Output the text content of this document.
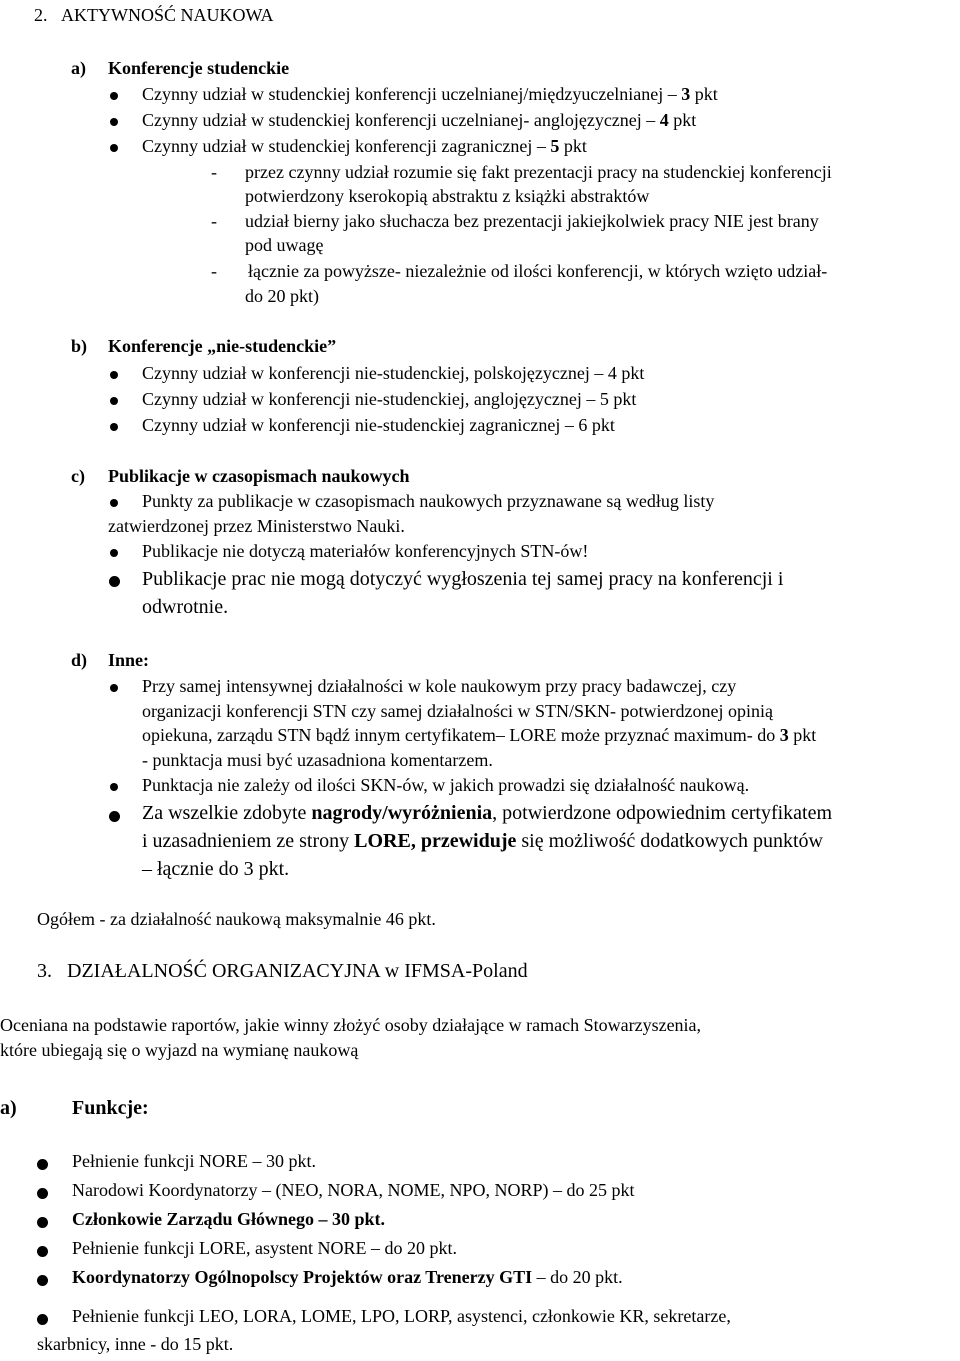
2.   AKTYWNOŚĆ NAUKOWA
a) Konferencje studenckie
Czynny udział w studenckiej konferencji uczelnianej/międzyuczelnianej – 3 pkt
Czynny udział w studenckiej konferencji uczelnianej- anglojęzycznej – 4 pkt
Czynny udział w studenckiej konferencji zagranicznej – 5 pkt
- przez czynny udział rozumie się fakt prezentacji pracy na studenckiej konferencji
potwierdzony kserokopią abstraktu z książki abstraktów
- udział bierny jako słuchacza bez prezentacji jakiejkolwiek pracy NIE jest brany
pod uwagę
- łącznie za powyższe- niezależnie od ilości konferencji, w których wzięto udział-
do 20 pkt)
b) Konferencje „nie-studenckie”
Czynny udział w konferencji nie-studenckiej, polskojęzycznej – 4 pkt
Czynny udział w konferencji nie-studenckiej, anglojęzycznej – 5 pkt
Czynny udział w konferencji nie-studenckiej zagranicznej – 6 pkt
c) Publikacje w czasopismach naukowych
Punkty za publikacje w czasopismach naukowych przyznawane są według listy
zatwierdzonej przez Ministerstwo Nauki.
Publikacje nie dotyczą materiałów konferencyjnych STN-ów!
Publikacje prac nie mogą dotyczyć wygłoszenia tej samej pracy na konferencji i
odwrotnie.
d) Inne:
Przy samej intensywnej działalności w kole naukowym przy pracy badawczej, czy
organizacji konferencji STN czy samej działalności w STN/SKN- potwierdzonej opinią
opiekuna, zarządu STN bądź innym certyfikatem– LORE może przyznać maximum- do 3 pkt
- punktacja musi być uzasadniona komentarzem.
Punktacja nie zależy od ilości SKN-ów, w jakich prowadzi się działalność naukową.
Za wszelkie zdobyte nagrody/wyróżnienia, potwierdzone odpowiednim certyfikatem
i uzasadnieniem ze strony LORE, przewiduje się możliwość dodatkowych punktów
– łącznie do 3 pkt.
Ogółem - za działalność naukową maksymalnie 46 pkt.
3.   DZIAŁALNOŚĆ ORGANIZACYJNA w IFMSA-Poland
Oceniana na podstawie raportów, jakie winny złożyć osoby działające w ramach Stowarzyszenia,
które ubiegają się o wyjazd na wymianę naukową
a)	Funkcje:
Pełnienie funkcji NORE – 30 pkt.
Narodowi Koordynatorzy – (NEO, NORA, NOME, NPO, NORP) – do 25 pkt
Członkowie Zarządu Głównego – 30 pkt.
Pełnienie funkcji LORE, asystent NORE – do 20 pkt.
Koordynatorzy Ogólnopolscy Projektów oraz Trenerzy GTI – do 20 pkt.
Pełnienie funkcji LEO, LORA, LOME, LPO, LORP, asystenci, członkowie KR, sekretarze,
skarbnicy, inne - do 15 pkt.
